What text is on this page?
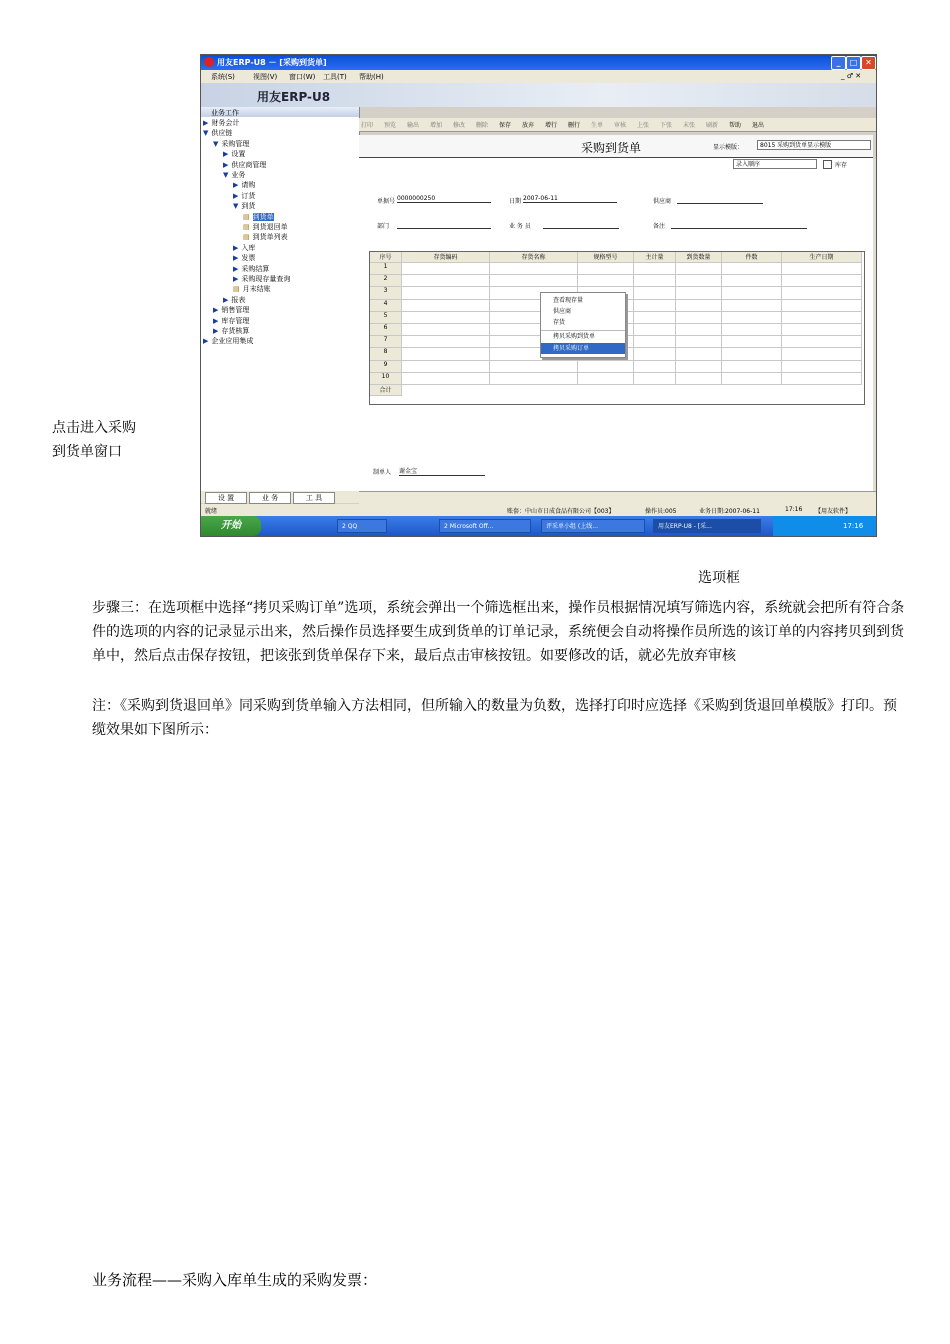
点击进入采购
到货单窗口
用友ERP-U8 － [采购到货单]	_	□ ✕
系统(S)	视图(V) 窗口(W) 工具(T) 帮助(H)	_ ♂ ✕
用友ERP-U8
业务工作
▶ 财务会计
▼ 供应链
▼ 采购管理
▶ 设置
▶ 供应商管理
▼ 业务
▶ 请购
▶ 订货
▼ 到货
▤ 到货单
▤ 到货退回单
▤ 到货单列表
▶ 入库
▶ 发票
▶ 采购结算
▶ 采购现存量查询
▤ 月末结账
▶ 报表
▶ 销售管理
▶ 库存管理
▶ 存货核算
▶ 企业应用集成
设 置	业 务	工 具
打印 预览 输出 增加 修改 删除 保存 放弃 增行 删行 生单 审核 上张 下张 末张 刷新 帮助 退出
采购到货单	显示模版：	8015 采购到货单显示模版
录入顺序	库存
单据号 0000000250	日期 2007-06-11	供应商
部门	业 务 员	备注
序号	存货编码	存货名称	规格型号	主计量	到货数量	件数	生产日期
1
2
3
4
5
6
7
8
9
10
合计
查看现存量
供应商
存货
拷贝采购到货单
拷贝采购订单
制单人 谢金宝
就绪	账套：中山市日成食品有限公司【003】	操作员:005	业务日期:2007-06-11	17:16 【用友软件】
开始	2 QQ	2 Microsoft Off...	评采单小组 (上线...	用友ERP-U8 - [采...	17:16
选项框
步骤三：在选项框中选择“拷贝采购订单”选项，系统会弹出一个筛选框出来，操作员根据情况填写筛选内容，系统就会把所有符合条件的选项的内容的记录显示出来，然后操作员选择要生成到货单的订单记录，系统便会自动将操作员所选的该订单的内容拷贝到到货单中，然后点击保存按钮，把该张到货单保存下来，最后点击审核按钮。如要修改的话，就必先放弃审核
注：《采购到货退回单》同采购到货单输入方法相同，但所输入的数量为负数，选择打印时应选择《采购到货退回单模版》打印。预缆效果如下图所示：
业务流程——采购入库单生成的采购发票：
